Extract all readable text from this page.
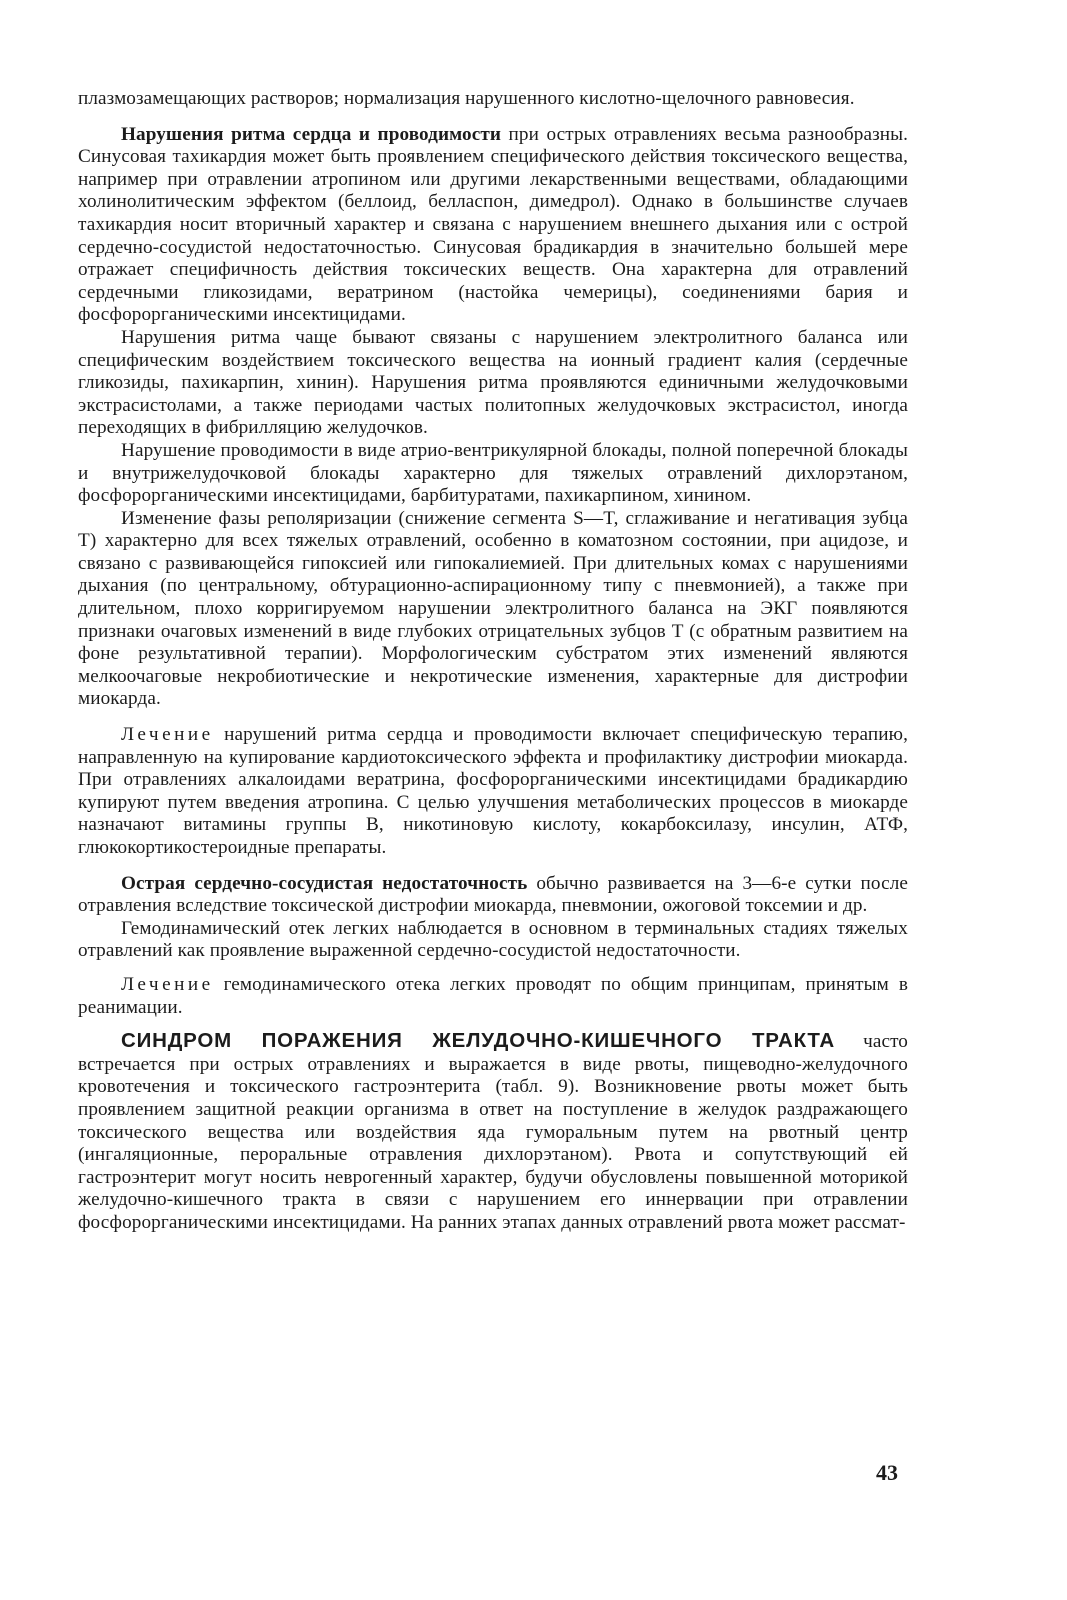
плазмозамещающих растворов; нормализация нарушенного кислотно-щелочного равновесия.

Нарушения ритма сердца и проводимости при острых отравлениях весьма разнообразны. Синусовая тахикардия может быть проявлением специфического действия токсического вещества, например при отравлении атропином или другими лекарственными веществами, обладающими холинолитическим эффектом (беллоид, белласпон, димедрол). Однако в большинстве случаев тахикардия носит вторичный характер и связана с нарушением внешнего дыхания или с острой сердечно-сосудистой недостаточностью. Синусовая брадикардия в значительно большей мере отражает специфичность действия токсических веществ. Она характерна для отравлений сердечными гликозидами, вератрином (настойка чемерицы), соединениями бария и фосфорорганическими инсектицидами.

Нарушения ритма чаще бывают связаны с нарушением электролитного баланса или специфическим воздействием токсического вещества на ионный градиент калия (сердечные гликозиды, пахикарпин, хинин). Нарушения ритма проявляются единичными желудочковыми экстрасистолами, а также периодами частых политопных желудочковых экстрасистол, иногда переходящих в фибрилляцию желудочков.

Нарушение проводимости в виде атрио-вентрикулярной блокады, полной поперечной блокады и внутрижелудочковой блокады характерно для тяжелых отравлений дихлорэтаном, фосфорорганическими инсектицидами, барбитуратами, пахикарпином, хинином.

Изменение фазы реполяризации (снижение сегмента S—T, сглаживание и негативация зубца T) характерно для всех тяжелых отравлений, особенно в коматозном состоянии, при ацидозе, и связано с развивающейся гипоксией или гипокалиемией. При длительных комах с нарушениями дыхания (по центральному, обтурационно-аспирационному типу с пневмонией), а также при длительном, плохо корригируемом нарушении электролитного баланса на ЭКГ появляются признаки очаговых изменений в виде глубоких отрицательных зубцов T (с обратным развитием на фоне результативной терапии). Морфологическим субстратом этих изменений являются мелкоочаговые некробиотические и некротические изменения, характерные для дистрофии миокарда.

Лечение нарушений ритма сердца и проводимости включает специфическую терапию, направленную на купирование кардиотоксического эффекта и профилактику дистрофии миокарда. При отравлениях алкалоидами вератрина, фосфорорганическими инсектицидами брадикардию купируют путем введения атропина. С целью улучшения метаболических процессов в миокарде назначают витамины группы В, никотиновую кислоту, кокарбоксилазу, инсулин, АТФ, глюкокортикостероидные препараты.

Острая сердечно-сосудистая недостаточность обычно развивается на 3—6-е сутки после отравления вследствие токсической дистрофии миокарда, пневмонии, ожоговой токсемии и др.

Гемодинамический отек легких наблюдается в основном в терминальных стадиях тяжелых отравлений как проявление выраженной сердечно-сосудистой недостаточности.

Лечение гемодинамического отека легких проводят по общим принципам, принятым в реанимации.

СИНДРОМ ПОРАЖЕНИЯ ЖЕЛУДОЧНО-КИШЕЧНОГО ТРАКТА часто встречается при острых отравлениях и выражается в виде рвоты, пищеводно-желудочного кровотечения и токсического гастроэнтерита (табл. 9). Возникновение рвоты может быть проявлением защитной реакции организма в ответ на поступление в желудок раздражающего токсического вещества или воздействия яда гуморальным путем на рвотный центр (ингаляционные, пероральные отравления дихлорэтаном). Рвота и сопутствующий ей гастроэнтерит могут носить неврогенный характер, будучи обусловлены повышенной моторикой желудочно-кишечного тракта в связи с нарушением его иннервации при отравлении фосфорорганическими инсектицидами. На ранних этапах данных отравлений рвота может рассмат-

43
